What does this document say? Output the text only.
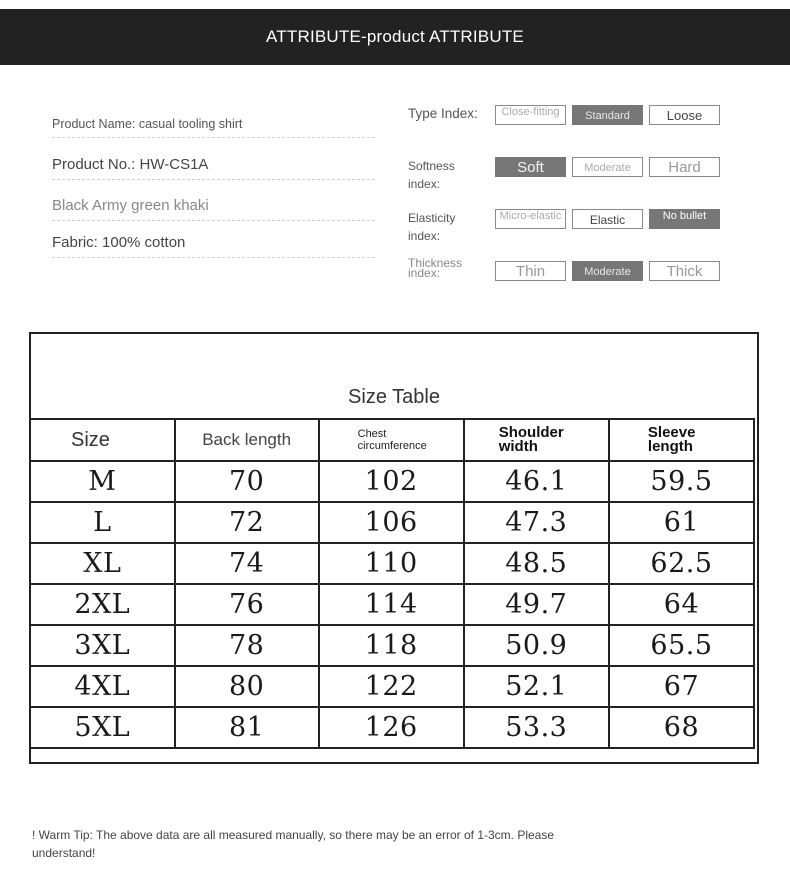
ATTRIBUTE-product ATTRIBUTE
Product Name: casual tooling shirt
Product No.: HW-CS1A
Black Army green khaki
Fabric: 100% cotton
Type Index:	Close-fitting	Standard	Loose
Softness index:
Soft	Moderate	Hard
Elasticity index:
Micro-elastic	Elastic	No bullet
Thickness index:	Thin	Moderate	Thick
Size Table
Size	Back length	Chest circumference	Shoulder width	Sleeve length

M	70	102	46.1	59.5
L	72	106	47.3	61
XL	74	110	48.5	62.5
2XL	76	114	49.7	64
3XL	78	118	50.9	65.5
4XL	80	122	52.1	67
5XL	81	126	53.3	68
! Warm Tip: The above data are all measured manually, so there may be an error of 1-3cm. Please understand!
